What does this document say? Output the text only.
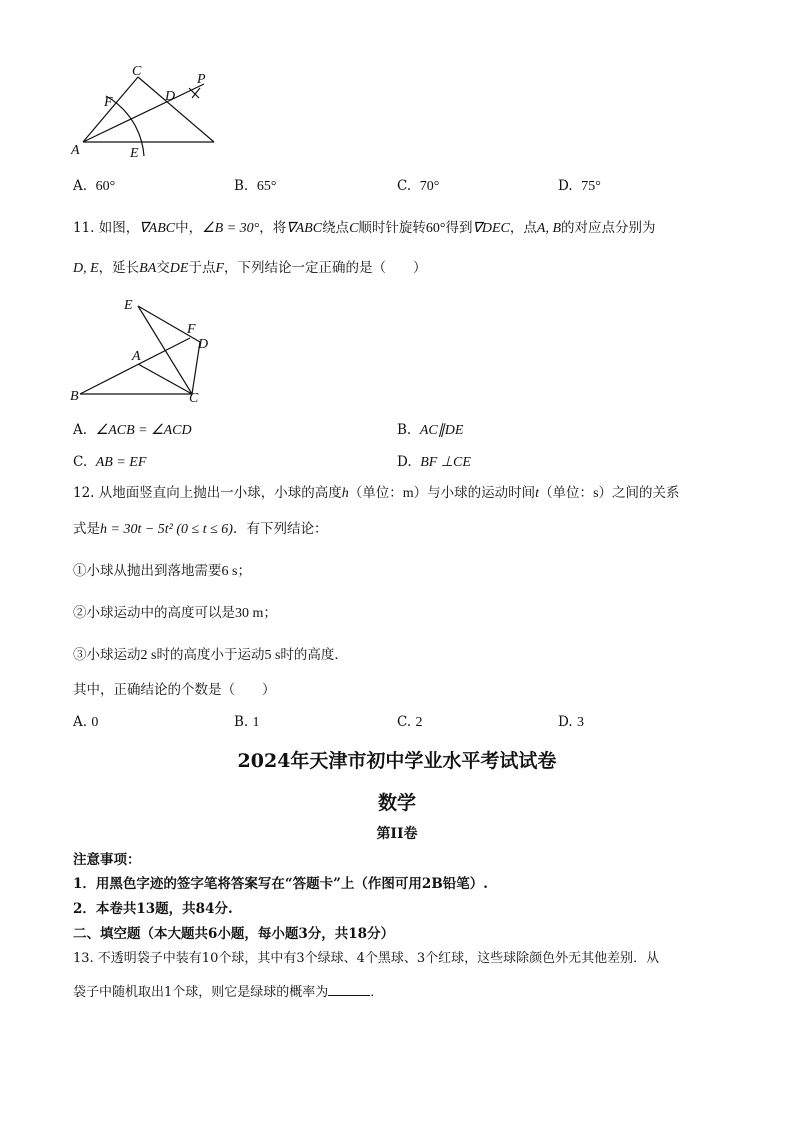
C
P
F	D
A	E
A. 60°	B. 65°	C. 70°	D. 75°
11. 如图，∇ABC中，∠B = 30°，将∇ABC绕点C顺时针旋转60°得到∇DEC，点A, B的对应点分别为
D, E，延长BA交DE于点F，下列结论一定正确的是（　　）
E
F
D
A
B	C
A. ∠ACB = ∠ACD	B. AC∥DE
C. AB = EF	D. BF ⊥CE
12. 从地面竖直向上抛出一小球，小球的高度h（单位：m）与小球的运动时间t（单位：s）之间的关系
式是h = 30t − 5t² (0 ≤ t ≤ 6)．有下列结论：
①小球从抛出到落地需要6 s；
②小球运动中的高度可以是30 m；
③小球运动2 s时的高度小于运动5 s时的高度．
其中，正确结论的个数是（　　）
A. 0	B. 1	C. 2	D. 3
2024年天津市初中学业水平考试试卷
数学
第II卷
注意事项：
1．用黑色字迹的签字笔将答案写在“答题卡”上（作图可用2B铅笔）.
2．本卷共13题，共84分.
二、填空题（本大题共6小题，每小题3分，共18分）
13. 不透明袋子中装有10个球，其中有3个绿球、4个黑球、3个红球，这些球除颜色外无其他差别．从
袋子中随机取出1个球，则它是绿球的概率为	．
